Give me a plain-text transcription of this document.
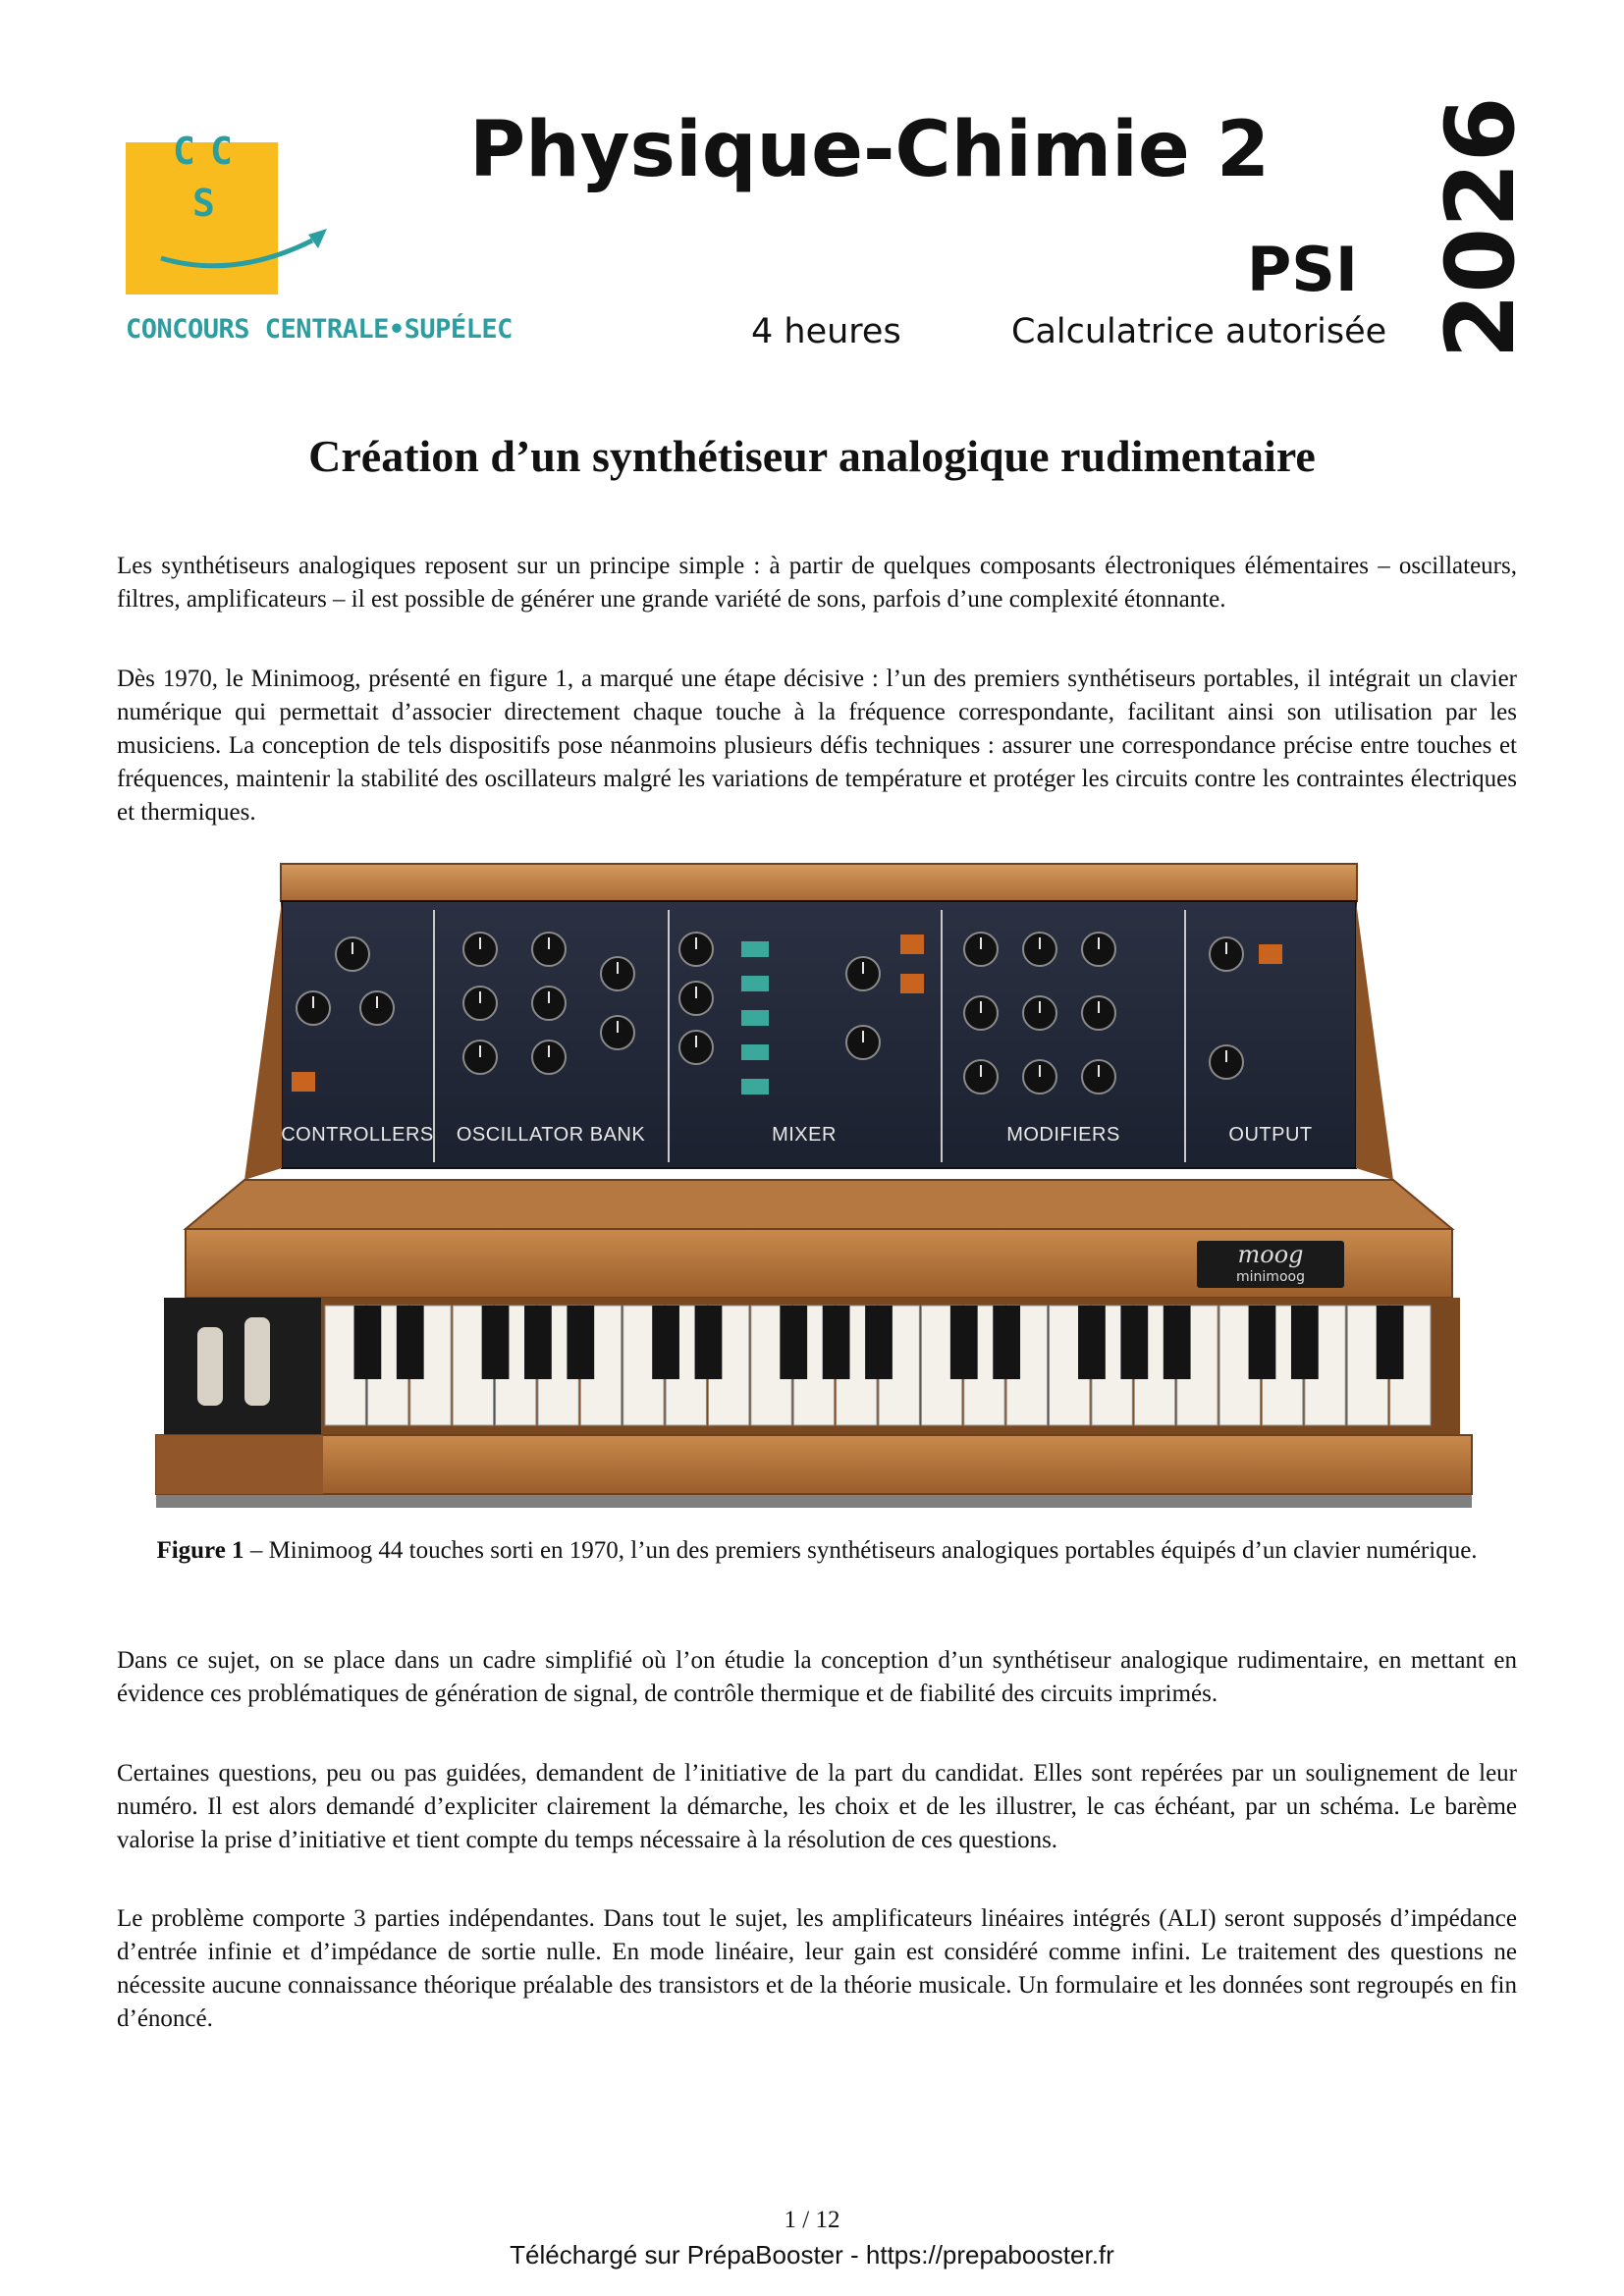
C C
S
CONCOURS CENTRALE•SUPÉLEC
Physique-Chimie 2
PSI
4 heures	Calculatrice autorisée 2026
Création d’un synthétiseur analogique rudimentaire

Les synthétiseurs analogiques reposent sur un principe simple : à partir de quelques composants électroniques élémentaires – oscillateurs, filtres, amplificateurs – il est possible de générer une grande variété de sons, parfois d’une complexité étonnante.

Dès 1970, le Minimoog, présenté en figure 1, a marqué une étape décisive : l’un des premiers synthétiseurs portables, il intégrait un clavier numérique qui permettait d’associer directement chaque touche à la fréquence correspondante, facilitant ainsi son utilisation par les musiciens. La conception de tels dispositifs pose néanmoins plusieurs défis techniques : assurer une correspondance précise entre touches et fréquences, maintenir la stabilité des oscillateurs malgré les variations de température et protéger les circuits contre les contraintes électriques et thermiques.

CONTROLLERS OSCILLATOR BANK	MIXER	MODIFIERS	OUTPUT
moog
minimoog

Figure 1 – Minimoog 44 touches sorti en 1970, l’un des premiers synthétiseurs analogiques portables équipés d’un clavier numérique.

Dans ce sujet, on se place dans un cadre simplifié où l’on étudie la conception d’un synthétiseur analogique rudimentaire, en mettant en évidence ces problématiques de génération de signal, de contrôle thermique et de fiabilité des circuits imprimés.

Certaines questions, peu ou pas guidées, demandent de l’initiative de la part du candidat. Elles sont repérées par un soulignement de leur numéro. Il est alors demandé d’expliciter clairement la démarche, les choix et de les illustrer, le cas échéant, par un schéma. Le barème valorise la prise d’initiative et tient compte du temps nécessaire à la résolution de ces questions.

Le problème comporte 3 parties indépendantes. Dans tout le sujet, les amplificateurs linéaires intégrés (ALI) seront supposés d’impédance d’entrée infinie et d’impédance de sortie nulle. En mode linéaire, leur gain est considéré comme infini. Le traitement des questions ne nécessite aucune connaissance théorique préalable des transistors et de la théorie musicale. Un formulaire et les données sont regroupés en fin d’énoncé.

1 / 12
Téléchargé sur PrépaBooster - https://prepabooster.fr
